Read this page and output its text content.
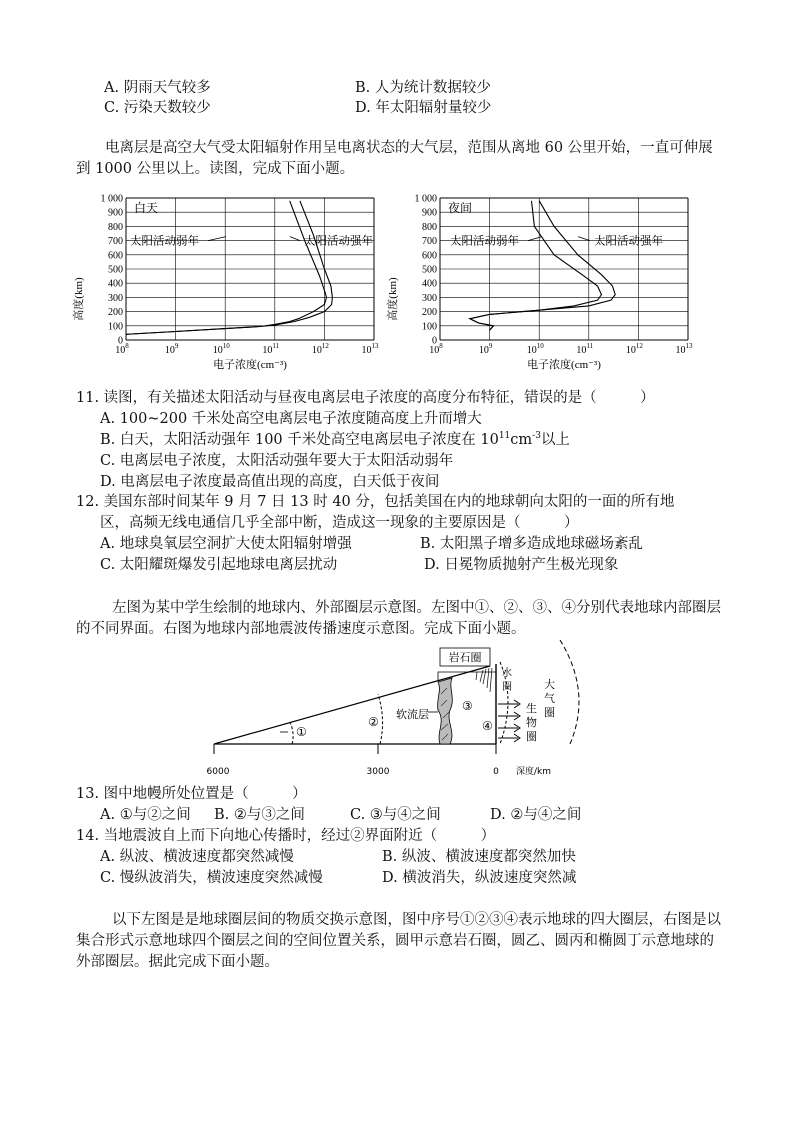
A. 阴雨天气较多	B. 人为统计数据较少
C. 污染天数较少	D. 年太阳辐射量较少
电离层是高空大气受太阳辐射作用呈电离状态的大气层，范围从离地 60 公里开始，一直可伸展到 1000 公里以上。读图，完成下面小题。
$10^8$	$10^9$	$10^{10}$	$10^{11}$	$10^{12}$	$10^{13}$
1 000
900
800
700
600
500
400
300
200
100
0
高度(km)
电子浓度(cm⁻³)
白天
太阳活动弱年	太阳活动强年
$10^8$	$10^9$	$10^{10}$	$10^{11}$	$10^{12}$	$10^{13}$
1 000
900
800
700
600
500
400
300
200
100
0
高度(km)
电子浓度(cm⁻³)
夜间
太阳活动弱年	太阳活动强年
11. 读图，有关描述太阳活动与昼夜电离层电子浓度的高度分布特征，错误的是（　　　）
A. 100~200 千米处高空电离层电子浓度随高度上升而增大
B. 白天，太阳活动强年 100 千米处高空电离层电子浓度在 $10^{11}cm^{-3}$以上
C. 电离层电子浓度，太阳活动强年要大于太阳活动弱年
D. 电离层电子浓度最高值出现的高度，白天低于夜间
12. 美国东部时间某年 9 月 7 日 13 时 40 分，包括美国在内的地球朝向太阳的一面的所有地
区，高频无线电通信几乎全部中断，造成这一现象的主要原因是（　　　）
A. 地球臭氧层空洞扩大使太阳辐射增强	B. 太阳黑子增多造成地球磁场紊乱
C. 太阳耀斑爆发引起地球电离层扰动	D. 日冕物质抛射产生极光现象
左图为某中学生绘制的地球内、外部圈层示意图。左图中①、②、③、④分别代表地球内部圈层的不同界面。右图为地球内部地震波传播速度示意图。完成下面小题。
岩石圈
水
圈
软流层	生
物
圈
大
气
圈
①
②
③
④
6000	3000	0 深度/km
13. 图中地幔所处位置是（　　　）
A. ①与②之间 B. ②与③之间	C. ③与④之间	D. ②与④之间
14. 当地震波自上而下向地心传播时，经过②界面附近（　　　）
A. 纵波、横波速度都突然减慢	B. 纵波、横波速度都突然加快
C. 慢纵波消失，横波速度突然减慢	D. 横波消失，纵波速度突然减
以下左图是是地球圈层间的物质交换示意图，图中序号①②③④表示地球的四大圈层，右图是以集合形式示意地球四个圈层之间的空间位置关系，圆甲示意岩石圈，圆乙、圆丙和椭圆丁示意地球的外部圈层。据此完成下面小题。
